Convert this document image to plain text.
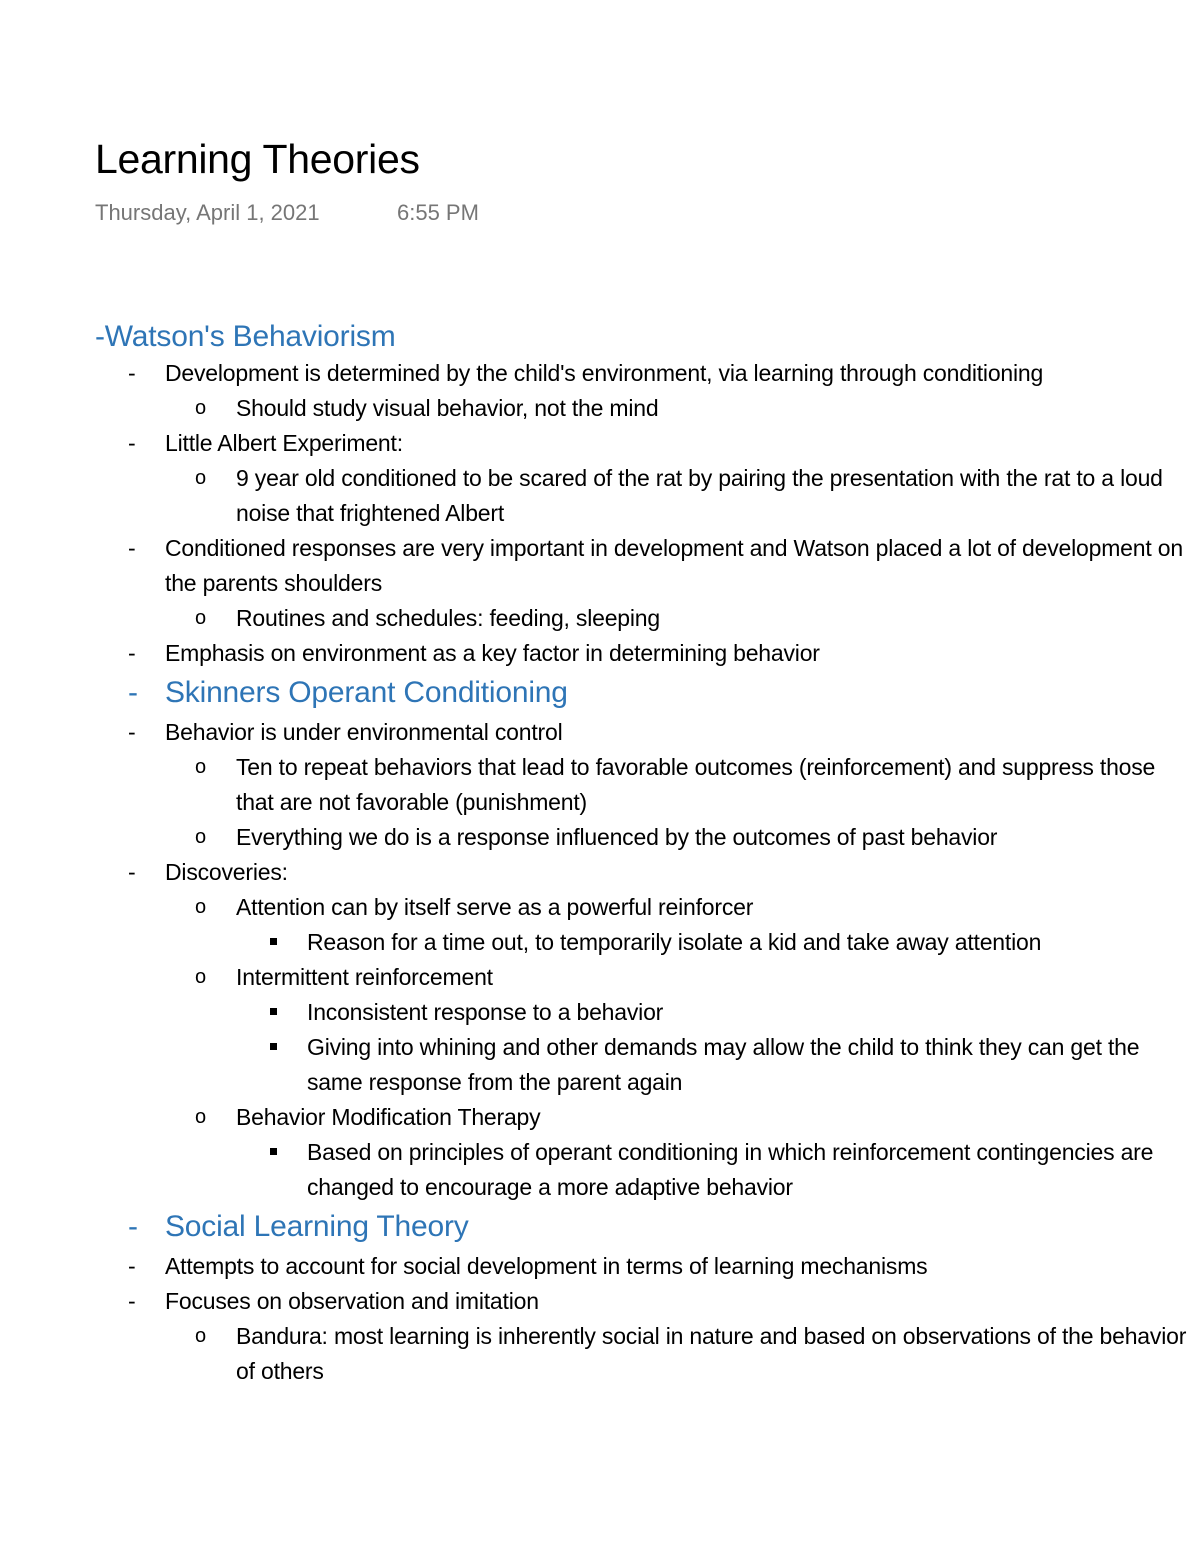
Learning Theories
Thursday, April 1, 2021	6:55 PM
-Watson's Behaviorism
- Development is determined by the child's environment, via learning through conditioning
o Should study visual behavior, not the mind
- Little Albert Experiment:
o 9 year old conditioned to be scared of the rat by pairing the presentation with the rat to a loud noise that frightened Albert
- Conditioned responses are very important in development and Watson placed a lot of development on the parents shoulders
o Routines and schedules: feeding, sleeping
- Emphasis on environment as a key factor in determining behavior
- Skinners Operant Conditioning
- Behavior is under environmental control
o Ten to repeat behaviors that lead to favorable outcomes (reinforcement) and suppress those that are not favorable (punishment)
o Everything we do is a response influenced by the outcomes of past behavior
- Discoveries:
o Attention can by itself serve as a powerful reinforcer
Reason for a time out, to temporarily isolate a kid and take away attention
o Intermittent reinforcement
Inconsistent response to a behavior
Giving into whining and other demands may allow the child to think they can get the same response from the parent again
o Behavior Modification Therapy
Based on principles of operant conditioning in which reinforcement contingencies are changed to encourage a more adaptive behavior
- Social Learning Theory
- Attempts to account for social development in terms of learning mechanisms
- Focuses on observation and imitation
o Bandura: most learning is inherently social in nature and based on observations of the behavior of others
